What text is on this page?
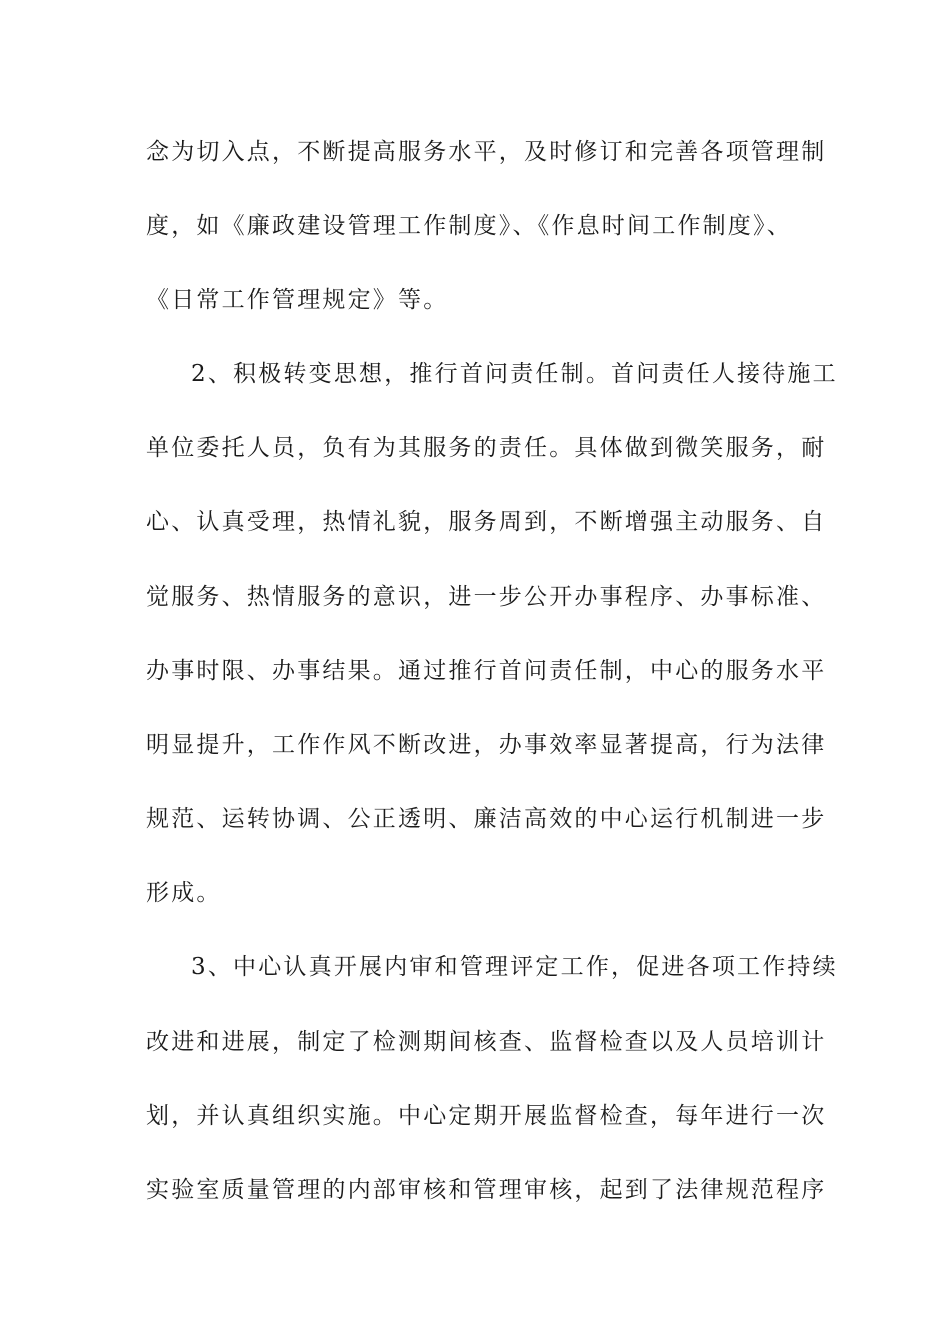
念为切入点，不断提高服务水平，及时修订和完善各项管理制
度，如《廉政建设管理工作制度》、《作息时间工作制度》、
《日常工作管理规定》等。
2、积极转变思想，推行首问责任制。首问责任人接待施工
单位委托人员，负有为其服务的责任。具体做到微笑服务，耐
心、认真受理，热情礼貌，服务周到，不断增强主动服务、自
觉服务、热情服务的意识，进一步公开办事程序、办事标准、
办事时限、办事结果。通过推行首问责任制，中心的服务水平
明显提升，工作作风不断改进，办事效率显著提高，行为法律
规范、运转协调、公正透明、廉洁高效的中心运行机制进一步
形成。
3、中心认真开展内审和管理评定工作，促进各项工作持续
改进和进展，制定了检测期间核查、监督检查以及人员培训计
划，并认真组织实施。中心定期开展监督检查，每年进行一次
实验室质量管理的内部审核和管理审核，起到了法律规范程序
